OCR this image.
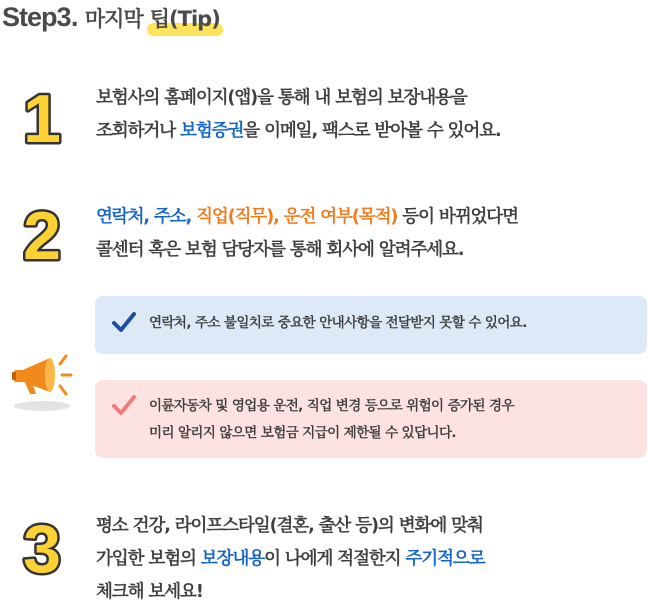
Step3 . 마지막 팁(Tip)
1 보험사의 홈페이지(앱)을 통해 내 보험의 보장내용을
조회하거나 보험증권을 이메일, 팩스로 받아볼 수 있어요.
2 연락처, 주소, 직업(직무), 운전 여부(목적) 등이 바뀌었다면
콜센터 혹은 보험 담당자를 통해 회사에 알려주세요.
연락처, 주소 불일치로 중요한 안내사항을 전달받지 못할 수 있어요.
이륜자동차 및 영업용 운전, 직업 변경 등으로 위험이 증가된 경우
미리 알리지 않으면 보험금 지급이 제한될 수 있답니다.
3 평소 건강, 라이프스타일(결혼, 출산 등)의 변화에 맞춰
가입한 보험의 보장내용이 나에게 적절한지 주기적으로
체크해 보세요!
